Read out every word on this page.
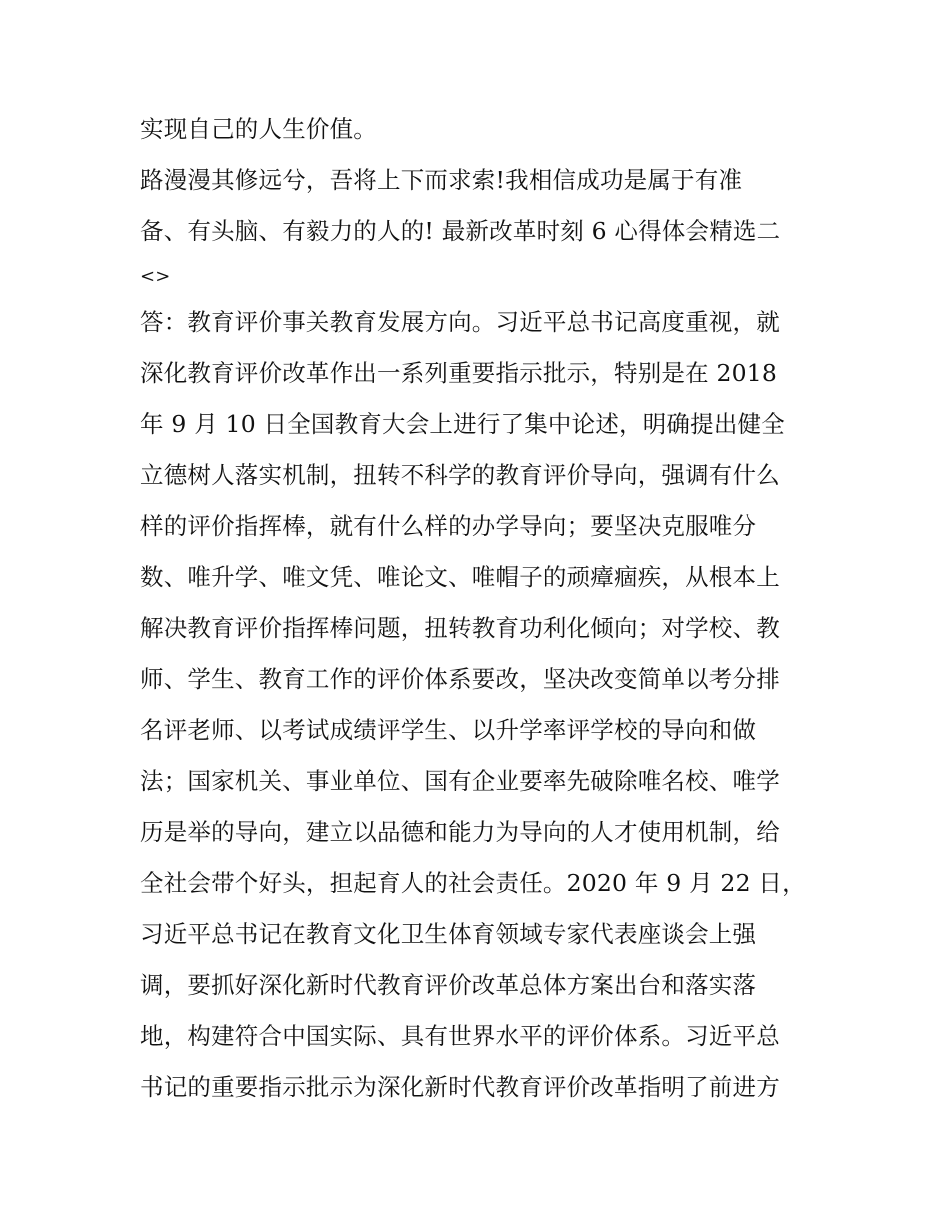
实现自己的人生价值。
路漫漫其修远兮，吾将上下而求索!我相信成功是属于有准
备、有头脑、有毅力的人的! 最新改革时刻 6 心得体会精选二
<>
答：教育评价事关教育发展方向。习近平总书记高度重视，就
深化教育评价改革作出一系列重要指示批示，特别是在 2018
年 9 月 10 日全国教育大会上进行了集中论述，明确提出健全
立德树人落实机制，扭转不科学的教育评价导向，强调有什么
样的评价指挥棒，就有什么样的办学导向；要坚决克服唯分
数、唯升学、唯文凭、唯论文、唯帽子的顽瘴痼疾，从根本上
解决教育评价指挥棒问题，扭转教育功利化倾向；对学校、教
师、学生、教育工作的评价体系要改，坚决改变简单以考分排
名评老师、以考试成绩评学生、以升学率评学校的导向和做
法；国家机关、事业单位、国有企业要率先破除唯名校、唯学
历是举的导向，建立以品德和能力为导向的人才使用机制，给
全社会带个好头，担起育人的社会责任。2020 年 9 月 22 日，
习近平总书记在教育文化卫生体育领域专家代表座谈会上强
调，要抓好深化新时代教育评价改革总体方案出台和落实落
地，构建符合中国实际、具有世界水平的评价体系。习近平总
书记的重要指示批示为深化新时代教育评价改革指明了前进方
